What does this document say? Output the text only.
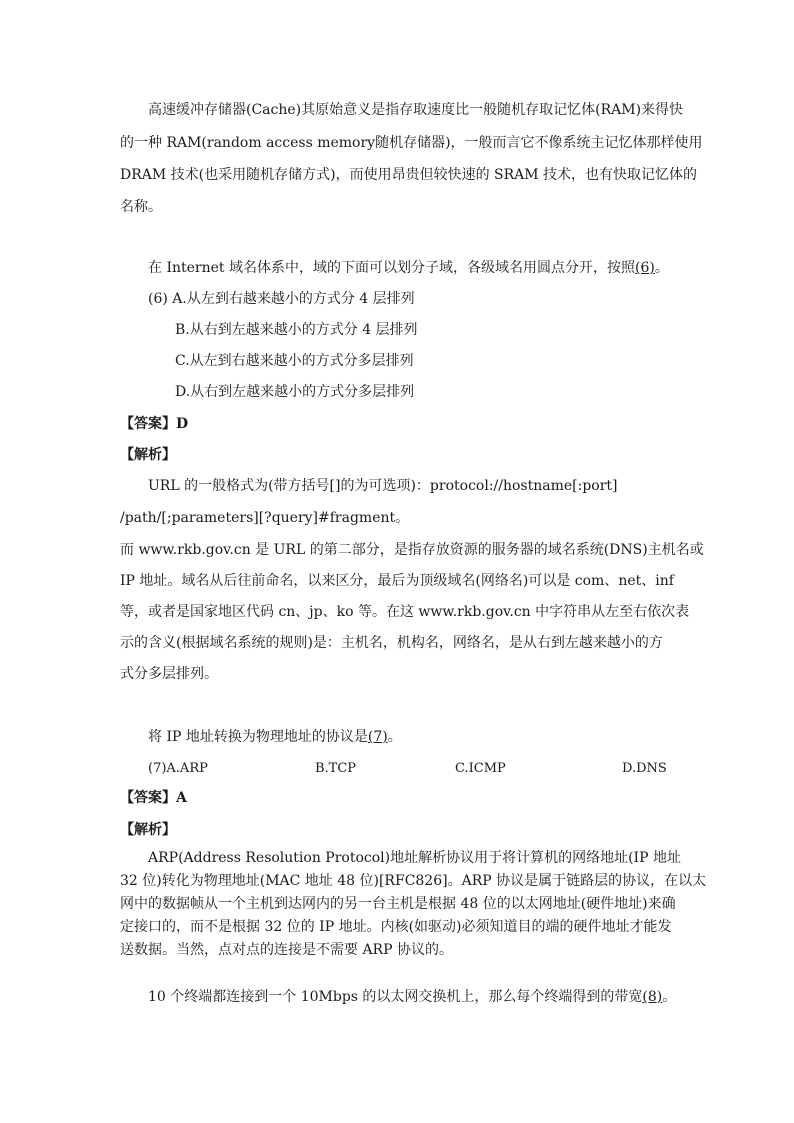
高速缓冲存储器(Cache)其原始意义是指存取速度比一般随机存取记忆体(RAM)来得快
的一种 RAM(random access memory随机存储器)，一般而言它不像系统主记忆体那样使用
DRAM 技术(也采用随机存储方式)，而使用昂贵但较快速的 SRAM 技术，也有快取记忆体的
名称。
在 Internet 域名体系中，域的下面可以划分子域，各级域名用圆点分开，按照(6)。
(6) A.从左到右越来越小的方式分 4 层排列
B.从右到左越来越小的方式分 4 层排列
C.从左到右越来越小的方式分多层排列
D.从右到左越来越小的方式分多层排列
【答案】D
【解析】
URL 的一般格式为(带方括号[]的为可选项)：protocol://hostname[:port]
/path/[;parameters][?query]#fragment。
而 www.rkb.gov.cn 是 URL 的第二部分，是指存放资源的服务器的域名系统(DNS)主机名或
IP 地址。域名从后往前命名，以来区分，最后为顶级域名(网络名)可以是 com、net、inf
等，或者是国家地区代码 cn、jp、ko 等。在这 www.rkb.gov.cn 中字符串从左至右依次表
示的含义(根据域名系统的规则)是：主机名，机构名，网络名，是从右到左越来越小的方
式分多层排列。
将 IP 地址转换为物理地址的协议是(7)。
(7)A.ARP	B.TCP	C.ICMP	D.DNS
【答案】A
【解析】
ARP(Address Resolution Protocol)地址解析协议用于将计算机的网络地址(IP 地址
32 位)转化为物理地址(MAC 地址 48 位)[RFC826]。ARP 协议是属于链路层的协议，在以太
网中的数据帧从一个主机到达网内的另一台主机是根据 48 位的以太网地址(硬件地址)来确
定接口的，而不是根据 32 位的 IP 地址。内核(如驱动)必须知道目的端的硬件地址才能发
送数据。当然，点对点的连接是不需要 ARP 协议的。
10 个终端都连接到一个 10Mbps 的以太网交换机上，那么每个终端得到的带宽(8)。
